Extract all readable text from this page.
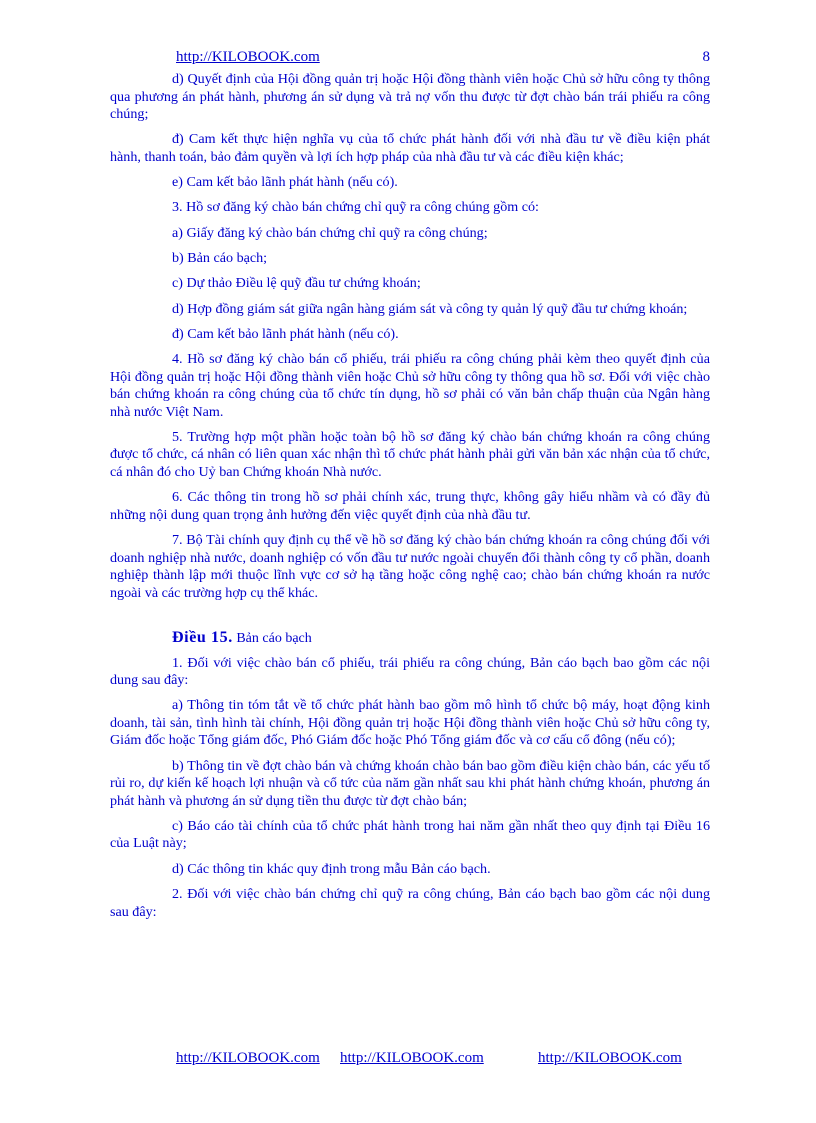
http://KILOBOOK.com	8

d) Quyết định của Hội đồng quản trị hoặc Hội đồng thành viên hoặc Chủ sở hữu công ty thông qua phương án phát hành, phương án sử dụng và trả nợ vốn thu được từ đợt chào bán trái phiếu ra công chúng;

đ) Cam kết thực hiện nghĩa vụ của tổ chức phát hành đối với nhà đầu tư về điều kiện phát hành, thanh toán, bảo đảm quyền và lợi ích hợp pháp của nhà đầu tư và các điều kiện khác;

e) Cam kết bảo lãnh phát hành (nếu có).

3. Hồ sơ đăng ký chào bán chứng chỉ quỹ ra công chúng gồm có:

a) Giấy đăng ký chào bán chứng chỉ quỹ ra công chúng;

b) Bản cáo bạch;

c) Dự thảo Điều lệ quỹ đầu tư chứng khoán;

d) Hợp đồng giám sát giữa ngân hàng giám sát và công ty quản lý quỹ đầu tư chứng khoán;

đ) Cam kết bảo lãnh phát hành (nếu có).

4. Hồ sơ đăng ký chào bán cổ phiếu, trái phiếu ra công chúng phải kèm theo quyết định của Hội đồng quản trị hoặc Hội đồng thành viên hoặc Chủ sở hữu công ty thông qua hồ sơ. Đối với việc chào bán chứng khoán ra công chúng của tổ chức tín dụng, hồ sơ phải có văn bản chấp thuận của Ngân hàng nhà nước Việt Nam.

5. Trường hợp một phần hoặc toàn bộ hồ sơ đăng ký chào bán chứng khoán ra công chúng được tổ chức, cá nhân có liên quan xác nhận thì tổ chức phát hành phải gửi văn bản xác nhận của tổ chức, cá nhân đó cho Uỷ ban Chứng khoán Nhà nước.

6. Các thông tin trong hồ sơ phải chính xác, trung thực, không gây hiểu nhầm và có đầy đủ những nội dung quan trọng ảnh hưởng đến việc quyết định của nhà đầu tư.

7. Bộ Tài chính quy định cụ thể về hồ sơ đăng ký chào bán chứng khoán ra công chúng đối với doanh nghiệp nhà nước, doanh nghiệp có vốn đầu tư nước ngoài chuyển đổi thành công ty cổ phần, doanh nghiệp thành lập mới thuộc lĩnh vực cơ sở hạ tầng hoặc công nghệ cao; chào bán chứng khoán ra nước ngoài và các trường hợp cụ thể khác.

Điều 15. Bản cáo bạch

1. Đối với việc chào bán cổ phiếu, trái phiếu ra công chúng, Bản cáo bạch bao gồm các nội dung sau đây:

a) Thông tin tóm tắt về tổ chức phát hành bao gồm mô hình tổ chức bộ máy, hoạt động kinh doanh, tài sản, tình hình tài chính, Hội đồng quản trị hoặc Hội đồng thành viên hoặc Chủ sở hữu công ty, Giám đốc hoặc Tổng giám đốc, Phó Giám đốc hoặc Phó Tổng giám đốc và cơ cấu cổ đông (nếu có);

b) Thông tin về đợt chào bán và chứng khoán chào bán bao gồm điều kiện chào bán, các yếu tố rủi ro, dự kiến kế hoạch lợi nhuận và cổ tức của năm gần nhất sau khi phát hành chứng khoán, phương án phát hành và phương án sử dụng tiền thu được từ đợt chào bán;

c) Báo cáo tài chính của tổ chức phát hành trong hai năm gần nhất theo quy định tại Điều 16 của Luật này;

d) Các thông tin khác quy định trong mẫu Bản cáo bạch.

2. Đối với việc chào bán chứng chỉ quỹ ra công chúng, Bản cáo bạch bao gồm các nội dung sau đây:

http://KILOBOOK.com http://KILOBOOK.com	http://KILOBOOK.com
